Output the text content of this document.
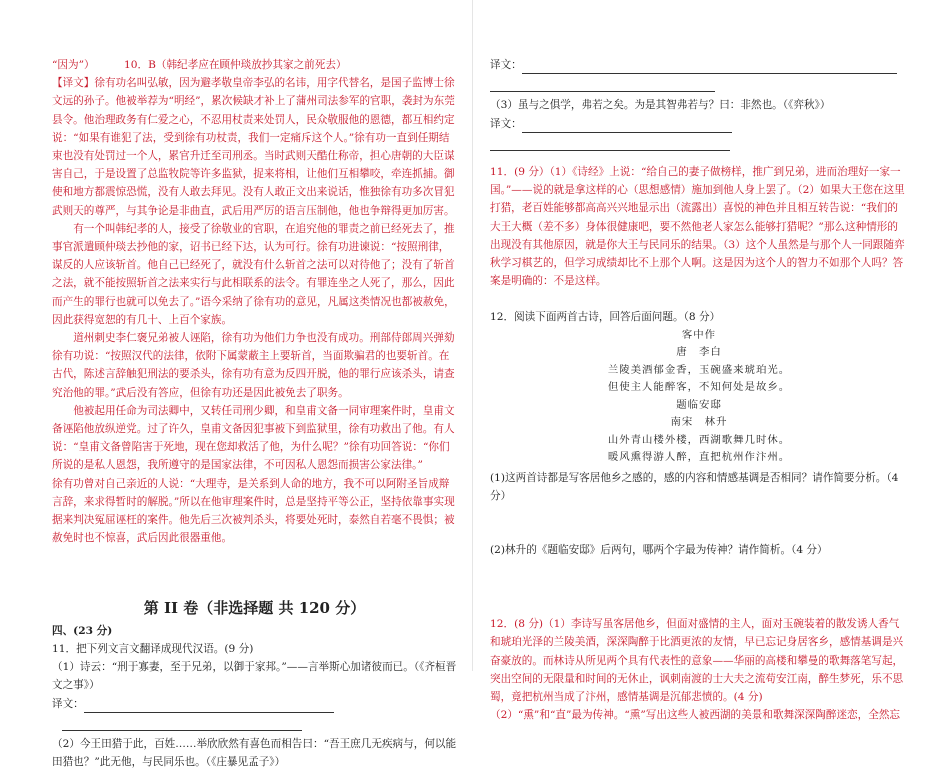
“因为”）	10．B（韩纪孝应在顾仲琰放抄其家之前死去）

【译文】徐有功名叫弘敏，因为避孝敬皇帝李弘的名讳，用字代替名，是国子监博士徐文远的孙子。他被举荐为“明经”，累次候缺才补上了蒲州司法参军的官职，袭封为东莞县令。他治理政务有仁爱之心，不忍用杖责来处罚人，民众敬服他的恩德，都互相约定说：“如果有谁犯了法，受到徐有功杖责，我们一定痛斥这个人。”徐有功一直到任期结束也没有处罚过一个人，累官升迁至司刑丞。当时武则天酷仕称帝，担心唐朝的大臣谋害自己，于是设置了总监牧院等许多监狱，捉来将相，让他们互相攀咬，牵连抓捕。御使和地方都震惊恐慌，没有人敢去拜见。没有人敢正文出来说话，惟独徐有功多次冒犯武则天的尊严，与其争论是非曲直，武后用严厉的语言压制他，他也争辩得更加厉害。

有一个叫韩纪孝的人，接受了徐敬业的官职，在追究他的罪责之前已经死去了，推事官派遣顾仲琰去抄他的家，诏书已经下达，认为可行。徐有功进谏说：“按照刑律，谋反的人应该斩首。他自己已经死了，就没有什么斩首之法可以对待他了；没有了斩首之法，就不能按照斩首之法来实行与此相联系的法令。有罪连坐之人死了，那么，因此而产生的罪行也就可以免去了。”语今采纳了徐有功的意见，凡属这类情况也都被赦免，因此获得宽恕的有几十、上百个家族。

道州刺史李仁褒兄弟被人诬陷，徐有功为他们力争也没有成功。刑部侍郎周兴弹劾徐有功说：“按照汉代的法律，依附下属蒙蔽主上要斩首，当面欺骗君的也要斩首。在古代，陈述言辞触犯刑法的要杀头，徐有功有意为反四开脱，他的罪行应该杀头，请查究治他的罪。”武后没有答应，但徐有功还是因此被免去了职务。

他被起用任命为司法卿中，又转任司刑少卿，和皇甫文备一同审理案件时，皇甫文备诬陷他放纵逆党。过了许久，皇甫文备因犯事被下到监狱里，徐有功救出了他。有人说：“皇甫文备曾陷害于死地，现在您却救活了他，为什么呢？”徐有功回答说：“你们所说的是私人恩怨，我所遵守的是国家法律，不可因私人恩怨而损害公家法律。”

徐有功曾对自己亲近的人说：“大理寺，是关系到人命的地方，我不可以阿附圣旨成辩言辞，来求得暂时的解脱。”所以在他审理案件时，总是坚持平等公正，坚持依靠事实现据来判决冤屈诬枉的案件。他先后三次被判杀头，将要处死时，泰然自若毫不畏惧；被赦免时也不惊喜，武后因此很器重他。

第 II 卷（非选择题 共 120 分）

四、(23 分)

11．把下列文言文翻译成现代汉语。(9 分)

（1）诗云：“刑于寡妻，至于兄弟，以御于家邦。”——言举斯心加诸彼而已。（《齐桓晋文之事》）

译文：

（2）今王田猎于此，百姓……举欣欣然有喜色而相告曰：“吾王庶几无疾病与，何以能田猎也？”此无他，与民同乐也。（《庄暴见孟子》）

译文：

（3）虽与之俱学，弗若之矣。为是其智弗若与？曰：非然也。（《弈秋》）

译文：

11．(9 分）（1）《诗经》上说：“给自己的妻子做榜样，推广到兄弟，进而治理好一家一国。”——说的就是拿这样的心（思想感情）施加到他人身上罢了。（2）如果大王您在这里打猎，老百姓能够都高高兴兴地显示出（流露出）喜悦的神色并且相互转告说：“我们的大王大概（差不多）身体很健康吧，要不然他老人家怎么能够打猎呢？”那么这种情形的出现没有其他原因，就是你大王与民同乐的结果。（3）这个人虽然是与那个人一同跟随弈秋学习棋艺的，但学习成绩却比不上那个人啊。这是因为这个人的智力不如那个人吗？答案是明确的：不是这样。

12．阅读下面两首古诗，回答后面问题。（8 分）

客中作

唐　李白

兰陵美酒郁金香，玉碗盛来琥珀光。

但使主人能醉客，不知何处是故乡。

题临安邸

南宋　林升

山外青山楼外楼，西湖歌舞几时休。

暖风熏得游人醉，直把杭州作汴州。

(1)这两首诗都是写客居他乡之感的，感的内容和情感基调是否相同？请作简要分析。（4 分）

(2)林升的《题临安邸》后两句，哪两个字最为传神？请作简析。（4 分）

12．(8 分)（1）李诗写虽客居他乡，但面对盛情的主人，面对玉碗装着的散发诱人香气和琥珀光泽的兰陵美酒，深深陶醉于比酒更浓的友情，早已忘记身居客乡，感情基调是兴奋豪放的。而林诗从所见两个具有代表性的意象——华丽的高楼和攀曼的歌舞落笔写起，突出空间的无限量和时间的无休止，讽刺南渡的士大夫之流苟安江南，醉生梦死，乐不思蜀，竟把杭州当成了汴州，感情基调是沉郁悲愤的。(4 分)

（2）“熏”和“直”最为传神。“熏”写出这些人被西湖的美景和歌舞深深陶醉迷恋，全然忘
